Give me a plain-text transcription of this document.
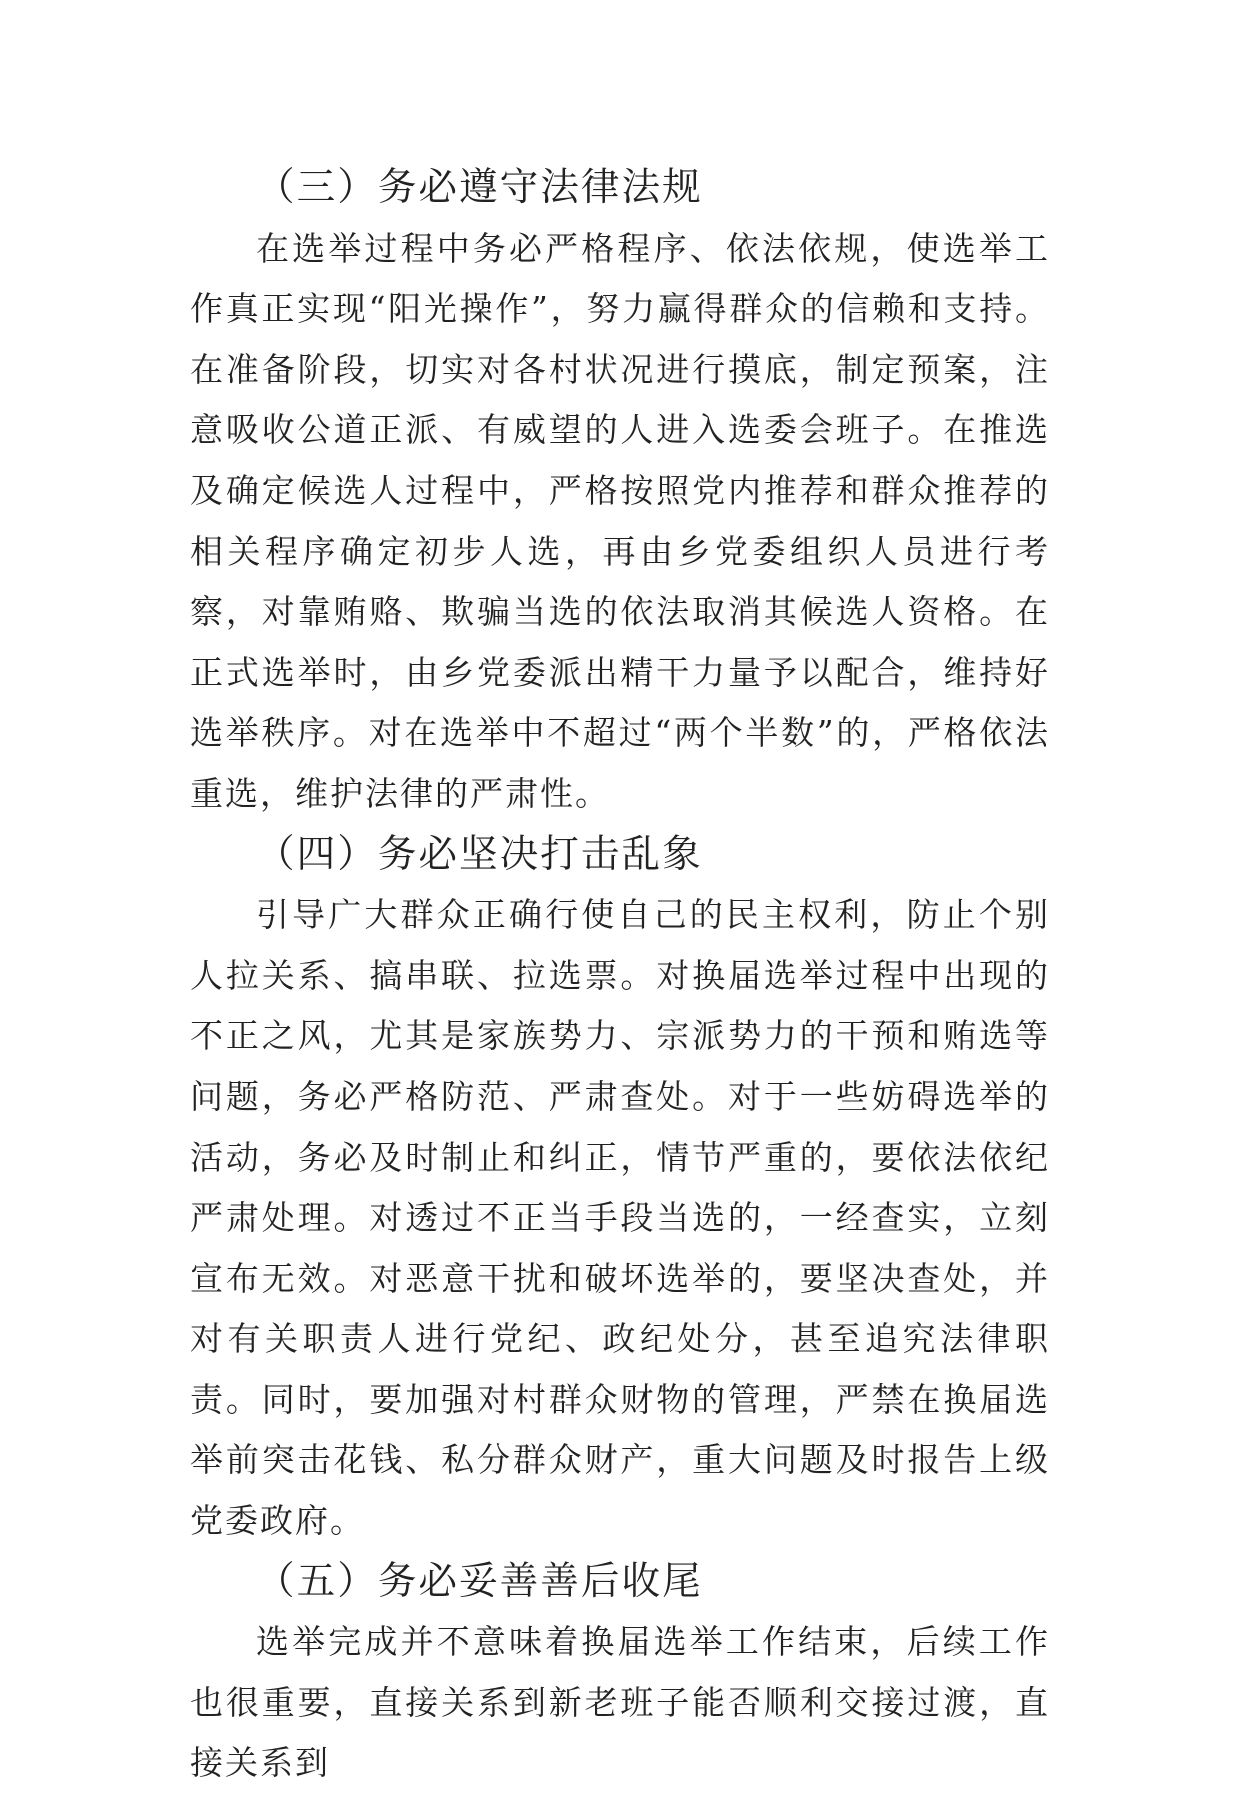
（三）务必遵守法律法规

在选举过程中务必严格程序、依法依规，使选举工作真正实现“阳光操作”，努力赢得群众的信赖和支持。在准备阶段，切实对各村状况进行摸底，制定预案，注意吸收公道正派、有威望的人进入选委会班子。在推选及确定候选人过程中，严格按照党内推荐和群众推荐的相关程序确定初步人选，再由乡党委组织人员进行考察，对靠贿赂、欺骗当选的依法取消其候选人资格。在正式选举时，由乡党委派出精干力量予以配合，维持好选举秩序。对在选举中不超过“两个半数”的，严格依法重选，维护法律的严肃性。

（四）务必坚决打击乱象

引导广大群众正确行使自己的民主权利，防止个别人拉关系、搞串联、拉选票。对换届选举过程中出现的不正之风，尤其是家族势力、宗派势力的干预和贿选等问题，务必严格防范、严肃查处。对于一些妨碍选举的活动，务必及时制止和纠正，情节严重的，要依法依纪严肃处理。对透过不正当手段当选的，一经查实，立刻宣布无效。对恶意干扰和破坏选举的，要坚决查处，并对有关职责人进行党纪、政纪处分，甚至追究法律职责。同时，要加强对村群众财物的管理，严禁在换届选举前突击花钱、私分群众财产，重大问题及时报告上级党委政府。

（五）务必妥善善后收尾

选举完成并不意味着换届选举工作结束，后续工作也很重要，直接关系到新老班子能否顺利交接过渡，直接关系到
